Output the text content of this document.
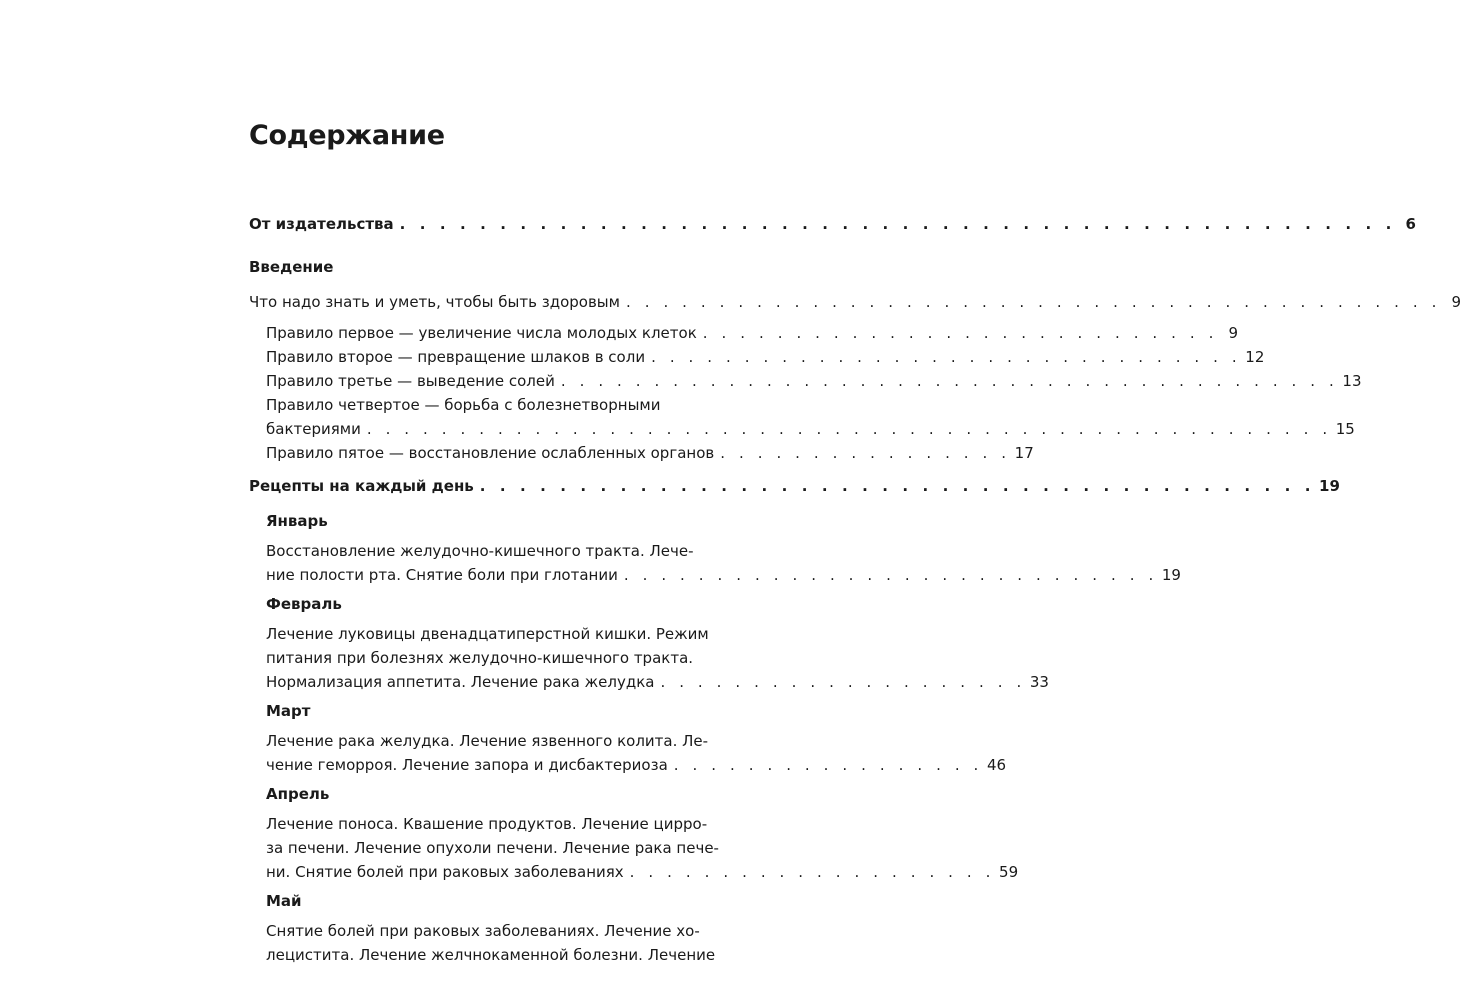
Содержание
От издательства . . . . . . . . . . . . . . . . . . . . . . . . . . . . . . . . . . . . . . . . . . . . . . . . . . 6
Введение
Что надо знать и уметь, чтобы быть здоровым . . . . . . . . . . . . . . . . . . . . . . . . . . . . . . . . . . . . . . . . . . . . 9
Правило первое — увеличение числа молодых клеток . . . . . . . . . . . . . . . . . . . . . . . . . . . . 9
Правило второе — превращение шлаков в соли . . . . . . . . . . . . . . . . . . . . . . . . . . . . . . . . 12
Правило третье — выведение солей . . . . . . . . . . . . . . . . . . . . . . . . . . . . . . . . . . . . . . . . . . 13
Правило четвертое — борьба с болезнетворными
бактериями . . . . . . . . . . . . . . . . . . . . . . . . . . . . . . . . . . . . . . . . . . . . . . . . . . . . 15
Правило пятое — восстановление ослабленных органов . . . . . . . . . . . . . . . . 17
Рецепты на каждый день . . . . . . . . . . . . . . . . . . . . . . . . . . . . . . . . . . . . . . . . . . 19
Январь
Восстановление желудочно-кишечного тракта. Лече-
ние полости рта. Снятие боли при глотании . . . . . . . . . . . . . . . . . . . . . . . . . . . . . 19
Февраль
Лечение луковицы двенадцатиперстной кишки. Режим
питания при болезнях желудочно-кишечного тракта.
Нормализация аппетита. Лечение рака желудка . . . . . . . . . . . . . . . . . . . . 33
Март
Лечение рака желудка. Лечение язвенного колита. Ле-
чение геморроя. Лечение запора и дисбактериоза . . . . . . . . . . . . . . . . . 46
Апрель
Лечение поноса. Квашение продуктов. Лечение цирро-
за печени. Лечение опухоли печени. Лечение рака пече-
ни. Снятие болей при раковых заболеваниях . . . . . . . . . . . . . . . . . . . . 59
Май
Снятие болей при раковых заболеваниях. Лечение хо-
лецистита. Лечение желчнокаменной болезни. Лечение
